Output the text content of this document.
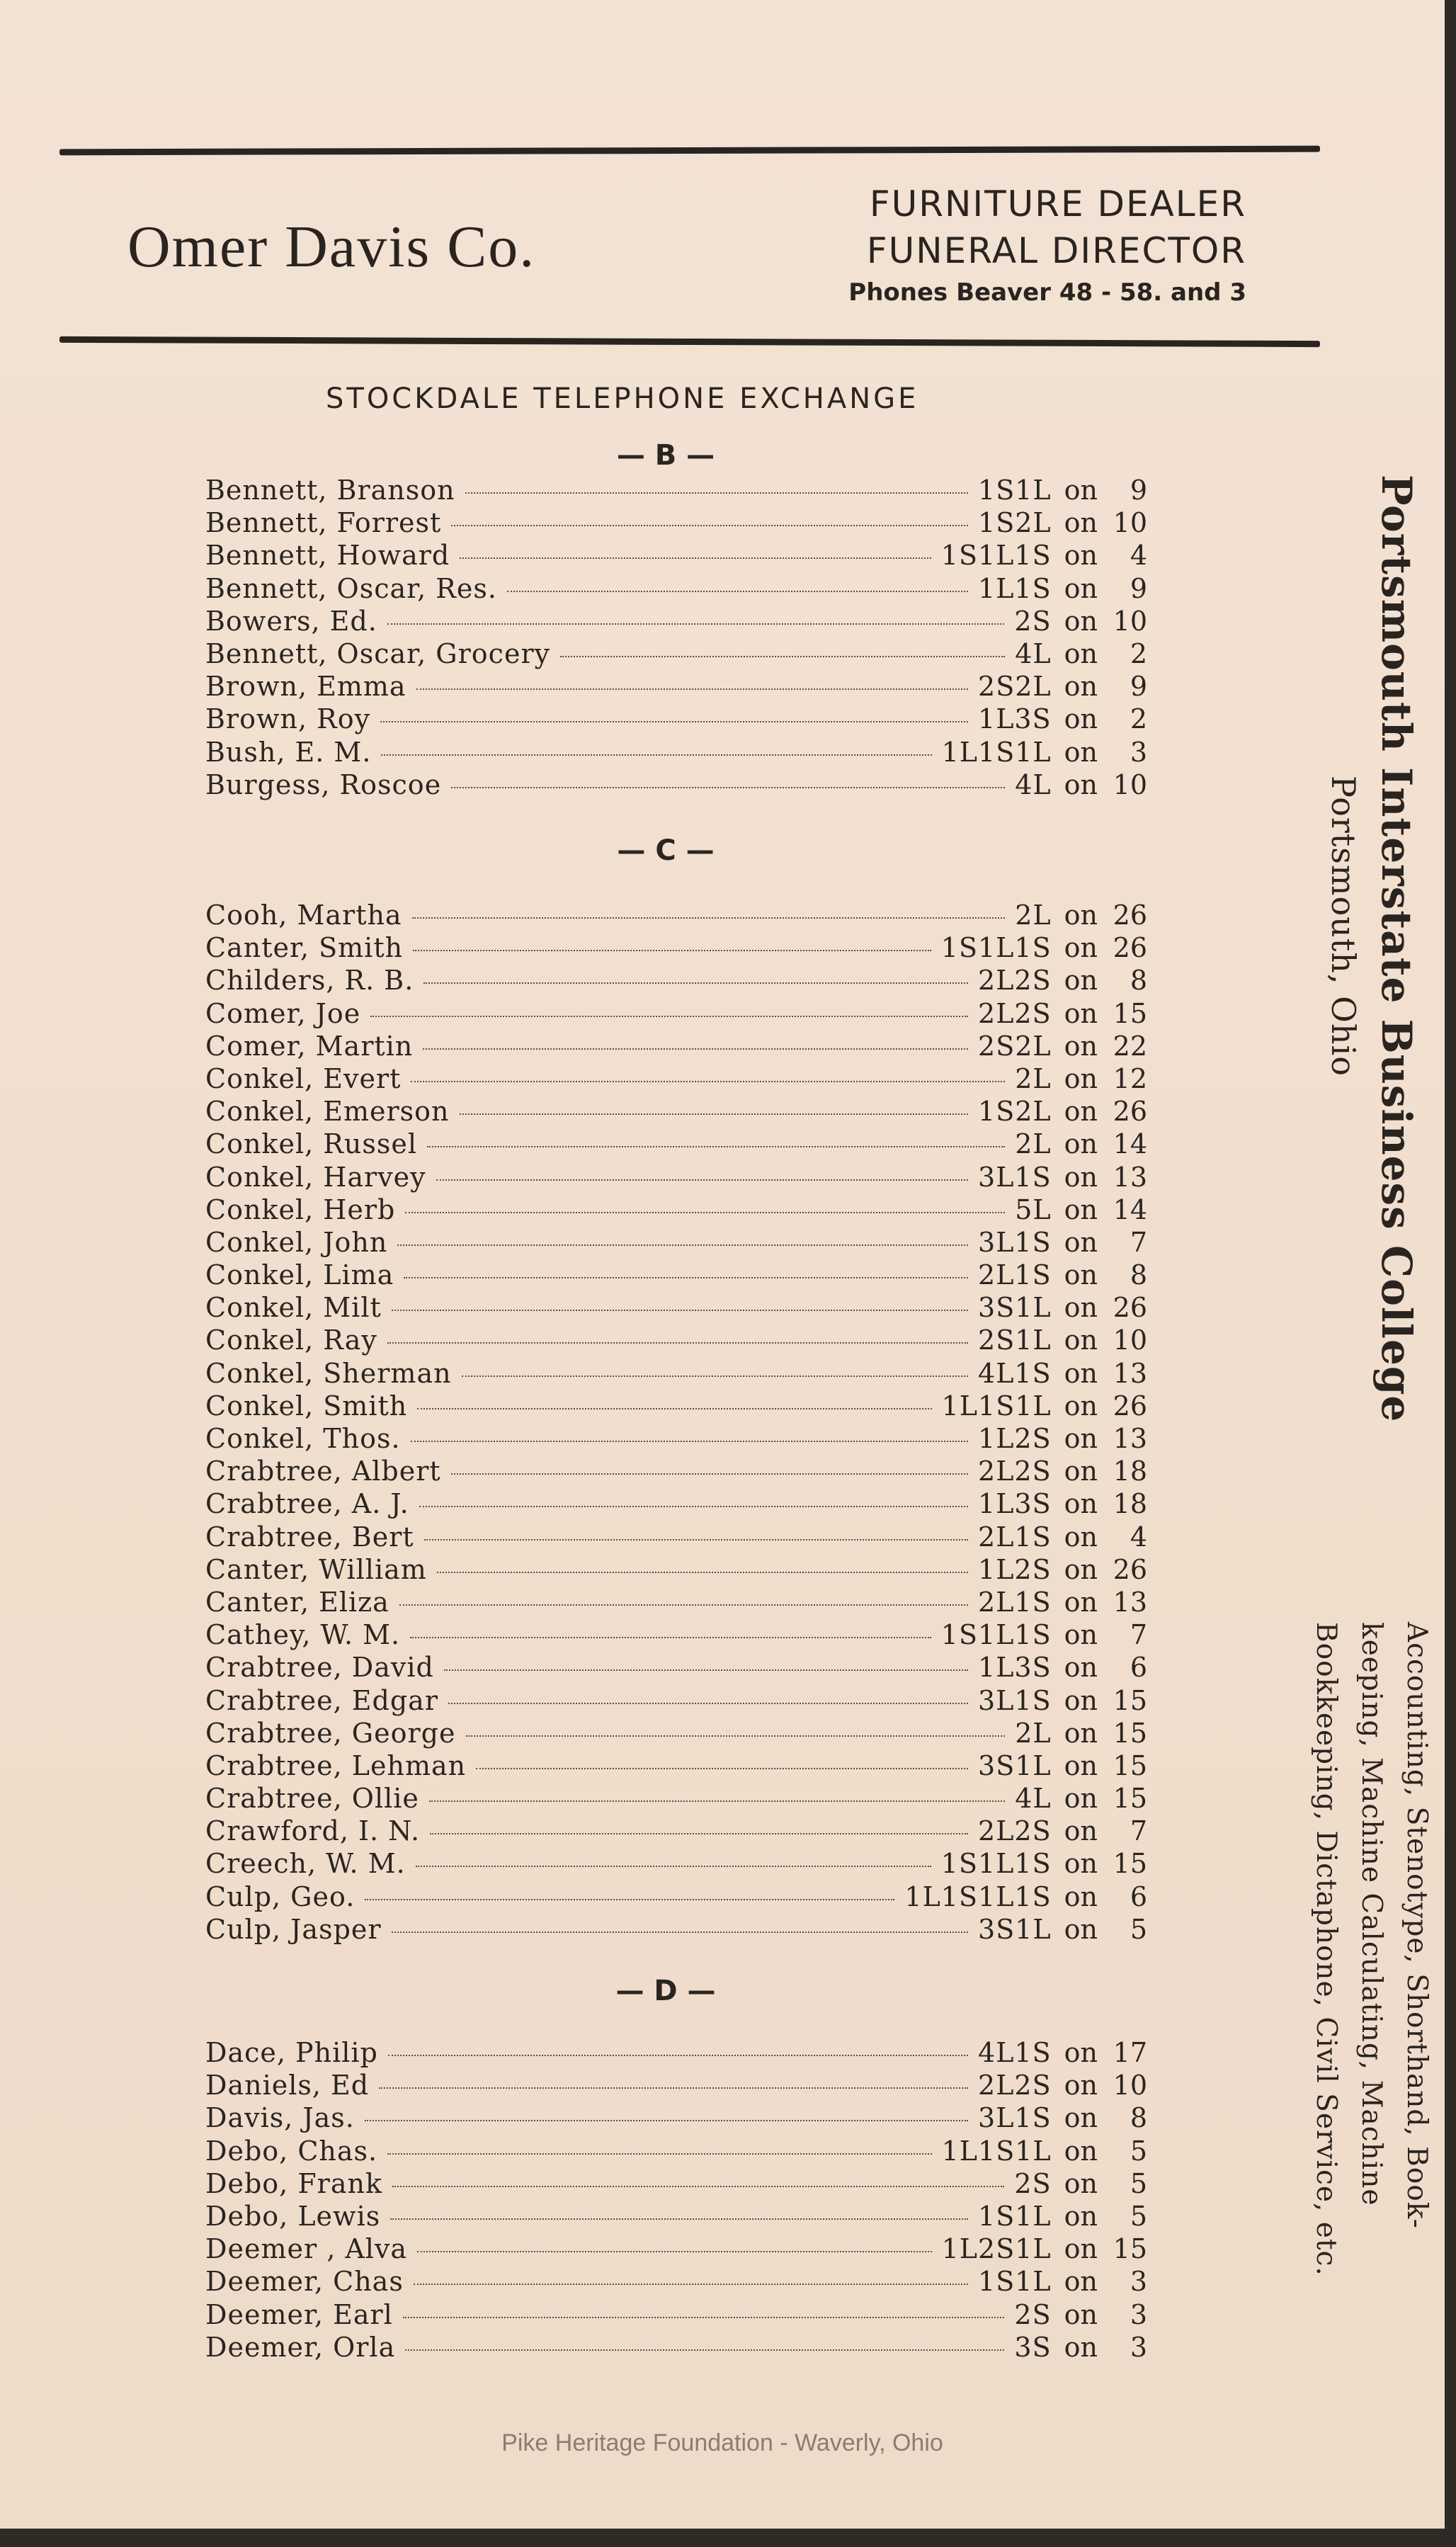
Omer Davis Co.
FURNITURE DEALER
FUNERAL DIRECTOR
Phones Beaver 48 - 58. and 3
STOCKDALE TELEPHONE EXCHANGE
— B —
Bennett, Branson	1S1L on	9
Bennett, Forrest	1S2L on 10
Bennett, Howard	1S1L1S on	4
Bennett, Oscar, Res.	1L1S on	9
Bowers, Ed.	2S on 10
Bennett, Oscar, Grocery	4L on	2
Brown, Emma	2S2L on	9
Brown, Roy	1L3S on	2
Bush, E. M.	1L1S1L on	3
Burgess, Roscoe	4L on 10
— C —
Cooh, Martha	2L on 26
Canter, Smith	1S1L1S on 26
Childers, R. B.	2L2S on	8
Comer, Joe	2L2S on 15
Comer, Martin	2S2L on 22
Conkel, Evert	2L on 12
Conkel, Emerson	1S2L on 26
Conkel, Russel	2L on 14
Conkel, Harvey	3L1S on 13
Conkel, Herb	5L on 14
Conkel, John	3L1S on	7
Conkel, Lima	2L1S on	8
Conkel, Milt	3S1L on 26
Conkel, Ray	2S1L on 10
Conkel, Sherman	4L1S on 13
Conkel, Smith	1L1S1L on 26
Conkel, Thos.	1L2S on 13
Crabtree, Albert	2L2S on 18
Crabtree, A. J.	1L3S on 18
Crabtree, Bert	2L1S on	4
Canter, William	1L2S on 26
Canter, Eliza	2L1S on 13
Cathey, W. M.	1S1L1S on	7
Crabtree, David	1L3S on	6
Crabtree, Edgar	3L1S on 15
Crabtree, George	2L on 15
Crabtree, Lehman	3S1L on 15
Crabtree, Ollie	4L on 15
Crawford, I. N.	2L2S on	7
Creech, W. M.	1S1L1S on 15
Culp, Geo.	1L1S1L1S on	6
Culp, Jasper	3S1L on	5
— D —
Dace, Philip	4L1S on 17
Daniels, Ed	2L2S on 10
Davis, Jas.	3L1S on	8
Debo, Chas.	1L1S1L on	5
Debo, Frank	2S on	5
Debo, Lewis	1S1L on	5
Deemer , Alva	1L2S1L on 15
Deemer, Chas	1S1L on	3
Deemer, Earl	2S on	3
Deemer, Orla	3S on	3
Portsmouth Interstate Business College
Portsmouth, Ohio
Accounting, Stenotype, Shorthand, Book-
keeping, Machine Calculating, Machine
Bookkeeping, Dictaphone, Civil Service, etc.
Pike Heritage Foundation - Waverly, Ohio
